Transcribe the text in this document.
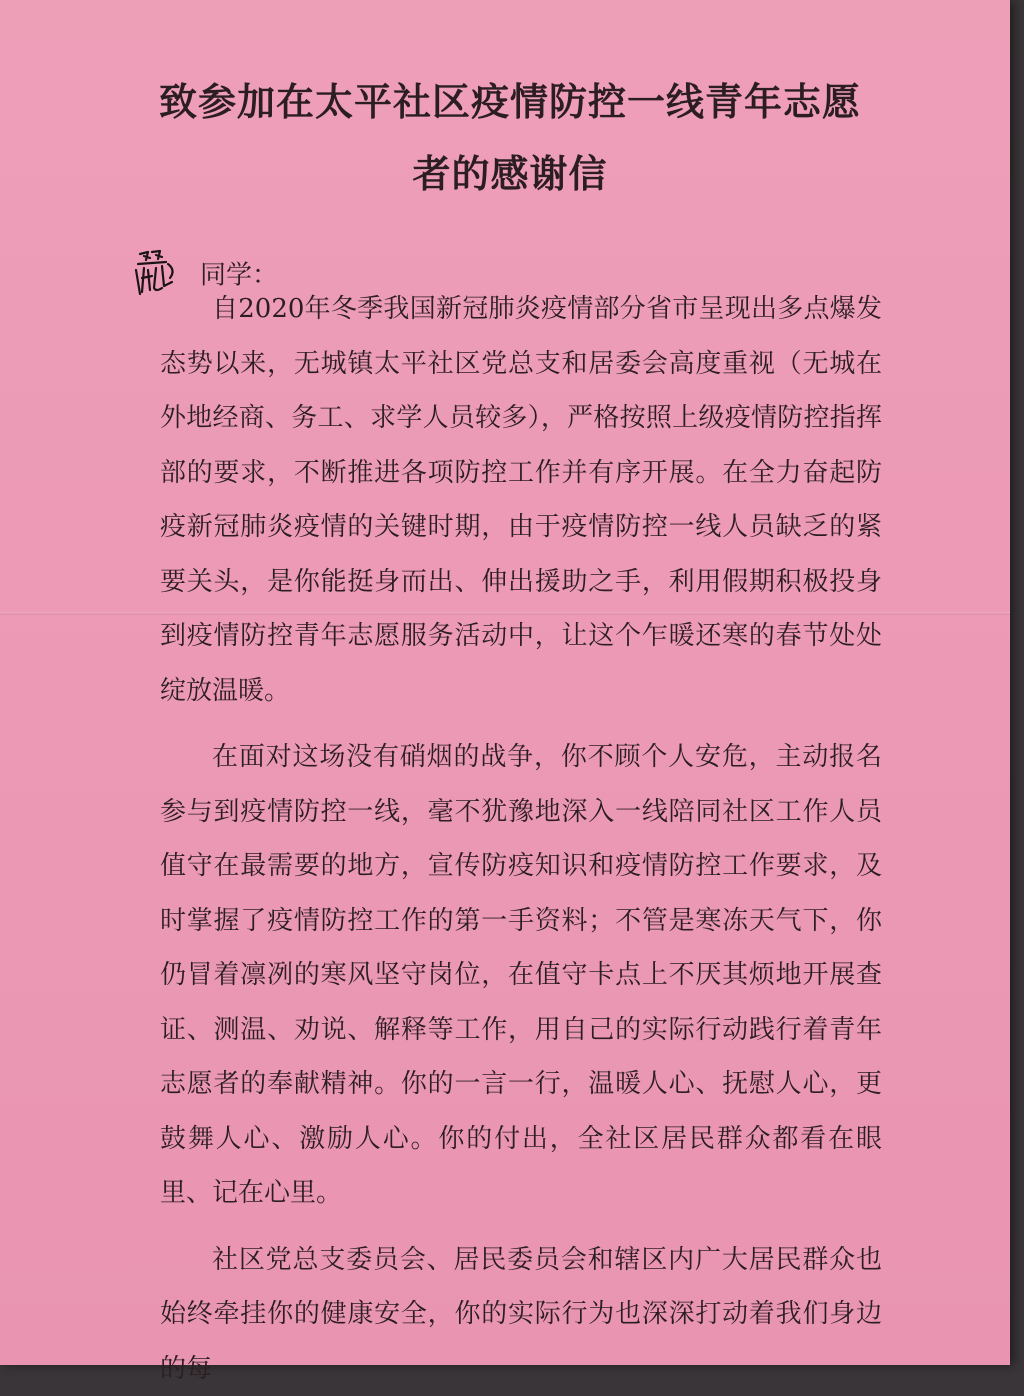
致参加在太平社区疫情防控一线青年志愿
者的感谢信
同学：

自2020年冬季我国新冠肺炎疫情部分省市呈现出多点爆发态势以来，无城镇太平社区党总支和居委会高度重视（无城在外地经商、务工、求学人员较多），严格按照上级疫情防控指挥部的要求，不断推进各项防控工作并有序开展。在全力奋起防疫新冠肺炎疫情的关键时期，由于疫情防控一线人员缺乏的紧要关头，是你能挺身而出、伸出援助之手，利用假期积极投身到疫情防控青年志愿服务活动中，让这个乍暖还寒的春节处处绽放温暖。

在面对这场没有硝烟的战争，你不顾个人安危，主动报名参与到疫情防控一线，毫不犹豫地深入一线陪同社区工作人员值守在最需要的地方，宣传防疫知识和疫情防控工作要求，及时掌握了疫情防控工作的第一手资料；不管是寒冻天气下，你仍冒着凛冽的寒风坚守岗位，在值守卡点上不厌其烦地开展查证、测温、劝说、解释等工作，用自己的实际行动践行着青年志愿者的奉献精神。你的一言一行，温暖人心、抚慰人心，更鼓舞人心、激励人心。你的付出，全社区居民群众都看在眼里、记在心里。

社区党总支委员会、居民委员会和辖区内广大居民群众也始终牵挂你的健康安全，你的实际行为也深深打动着我们身边的每
